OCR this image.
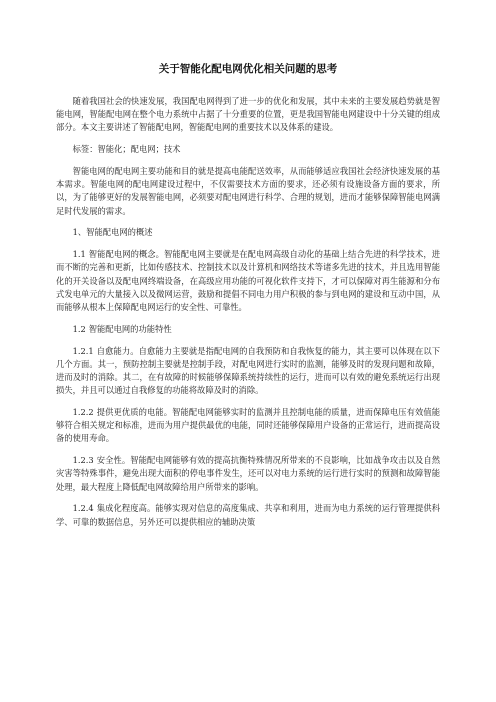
关于智能化配电网优化相关问题的思考

随着我国社会的快速发展，我国配电网得到了进一步的优化和发展，其中未来的主要发展趋势就是智能电网，智能配电网在整个电力系统中占据了十分重要的位置，更是我国智能电网建设中十分关键的组成部分。本文主要讲述了智能配电网，智能配电网的重要技术以及体系的建设。

标签：智能化；配电网；技术

智能电网的配电网主要功能和目的就是提高电能配送效率，从而能够适应我国社会经济快速发展的基本需求。智能电网的配电网建设过程中，不仅需要技术方面的要求，还必须有设施设备方面的要求，所以，为了能够更好的发展智能电网，必须要对配电网进行科学、合理的规划，进而才能够保障智能电网满足时代发展的需求。

1、智能配电网的概述

1.1 智能配电网的概念。智能配电网主要就是在配电网高级自动化的基础上结合先进的科学技术，进而不断的完善和更新，比如传感技术、控制技术以及计算机和网络技术等诸多先进的技术，并且选用智能化的开关设备以及配电网终端设备，在高级应用功能的可视化软件支持下，才可以保障对再生能源和分布式发电单元的大量接入以及微网运营，鼓励和提倡不同电力用户积极的参与到电网的建设和互动中国，从而能够从根本上保障配电网运行的安全性、可靠性。

1.2 智能配电网的功能特性

1.2.1 自愈能力。自愈能力主要就是指配电网的自我预防和自我恢复的能力，其主要可以体现在以下几个方面。其一，预防控制主要就是控制手段，对配电网进行实时的监测，能够及时的发现问题和故障，进而及时的消除。其二，在有故障的时候能够保障系统持续性的运行，进而可以有效的避免系统运行出现损失，并且可以通过自我修复的功能将故障及时的消除。

1.2.2 提供更优质的电能。智能配电网能够实时的监测并且控制电能的质量，进而保障电压有效值能够符合相关规定和标准，进而为用户提供最优的电能，同时还能够保障用户设备的正常运行，进而提高设备的使用寿命。

1.2.3 安全性。智能配电网能够有效的提高抗衡特殊情况所带来的不良影响，比如战争攻击以及自然灾害等特殊事件，避免出现大面积的停电事件发生，还可以对电力系统的运行进行实时的预测和故障智能处理，最大程度上降低配电网故障给用户所带来的影响。

1.2.4 集成化程度高。能够实现对信息的高度集成、共享和利用，进而为电力系统的运行管理提供科学、可靠的数据信息，另外还可以提供相应的辅助决策
